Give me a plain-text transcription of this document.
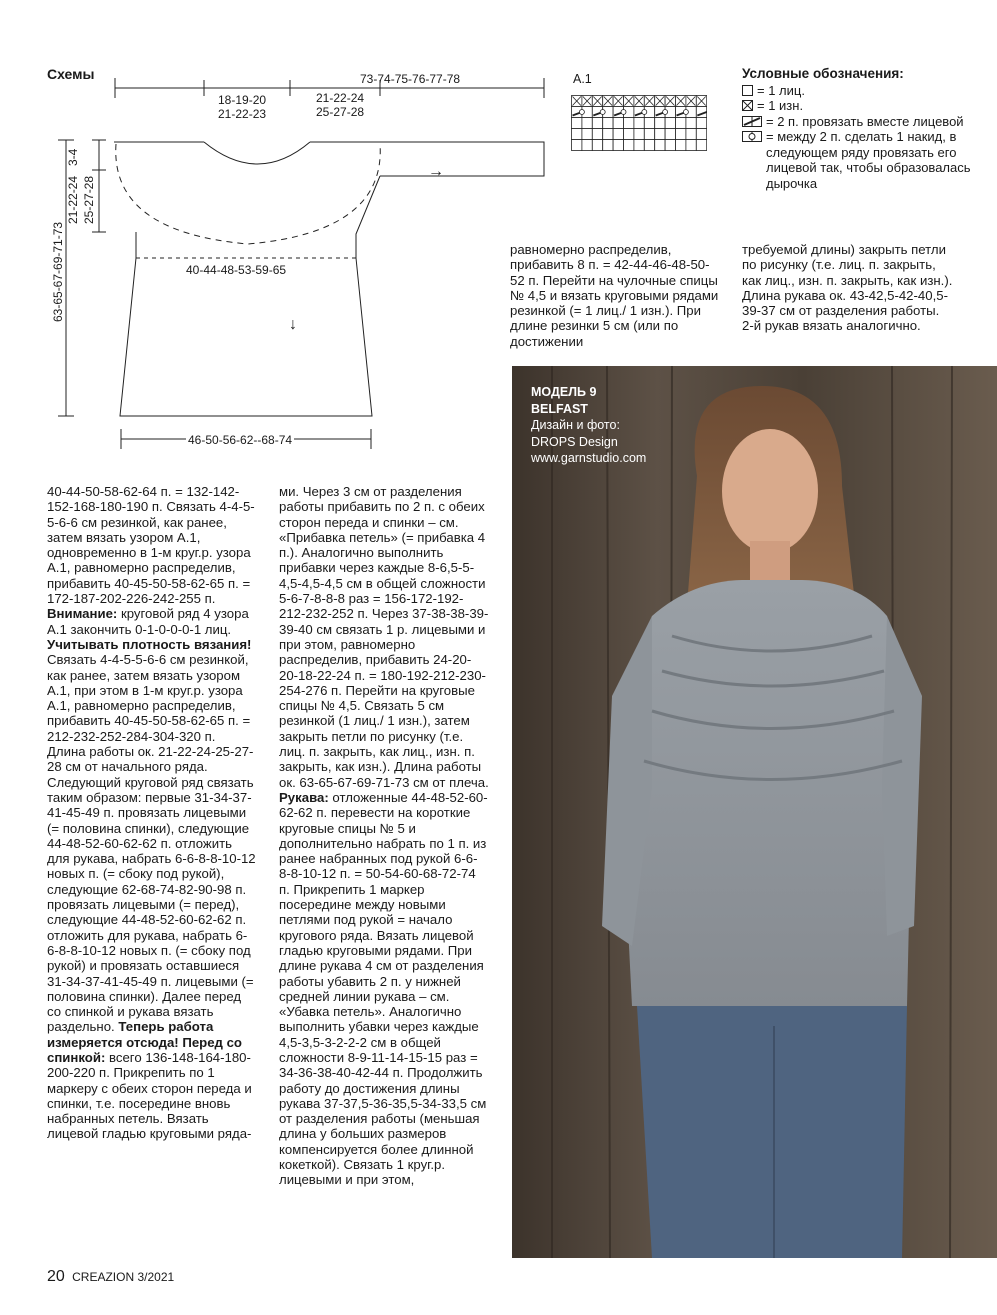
Схемы	73-74-75-76-77-78
18-19-20
21-22-23
21-22-24
25-27-28
40-44-48-53-59-65
46-50-56-62--68-74
→
↓
63-65-67-69-71-73
21-22-24 25-27-28
3-4
A.1	Условные обозначения:
= 1 лиц.
= 1 изн.
= 2 п. провязать вместе лицевой
= между 2 п. сделать 1 накид, в следующем ряду провязать его лицевой так, чтобы образовалась дырочка
равномерно распределив, прибавить 8 п. = 42-44-46-48-50-52 п. Перейти на чулочные спицы № 4,5 и вязать круговыми рядами резинкой (= 1 лиц./ 1 изн.). При длине резинки 5 см (или по достижении
требуемой длины) закрыть петли по рисунку (т.е. лиц. п. закрыть, как лиц., изн. п. закрыть, как изн.). Длина рукава ок. 43-42,5-42-40,5-39-37 см от разделения работы. 2-й рукав вязать аналогично.
МОДЕЛЬ 9
BELFAST
Дизайн и фото:
DROPS Design
www.garnstudio.com
40-44-50-58-62-64 п. = 132-142-152-168-180-190 п. Связать 4-4-5-5-6-6 см резинкой, как ранее, затем вязать узором A.1, одновременно в 1-м круг.р. узора A.1, равномерно распределив, прибавить 40-45-50-58-62-65 п. = 172-187-202-226-242-255 п. Внимание: круговой ряд 4 узора A.1 закончить 0-1-0-0-0-1 лиц. Учитывать плотность вязания! Связать 4-4-5-5-6-6 см резинкой, как ранее, затем вязать узором A.1, при этом в 1-м круг.р. узора A.1, равномерно распределив, прибавить 40-45-50-58-62-65 п. = 212-232-252-284-304-320 п. Длина работы ок. 21-22-24-25-27-28 см от начального ряда. Следующий круговой ряд связать таким образом: первые 31-34-37-41-45-49 п. провязать лицевыми (= половина спинки), следующие 44-48-52-60-62-62 п. отложить для рукава, набрать 6-6-8-8-10-12 новых п. (= сбоку под рукой), следующие 62-68-74-82-90-98 п. провязать лицевыми (= перед), следующие 44-48-52-60-62-62 п. отложить для рукава, набрать 6-6-8-8-10-12 новых п. (= сбоку под рукой) и провязать оставшиеся 31-34-37-41-45-49 п. лицевыми (= половина спинки). Далее перед со спинкой и рукава вязать раздельно. Теперь работа измеряется отсюда! Перед со спинкой: всего 136-148-164-180-200-220 п. Прикрепить по 1 маркеру с обеих сторон переда и спинки, т.е. посередине вновь набранных петель. Вязать лицевой гладью круговыми ряда-
ми. Через 3 см от разделения работы прибавить по 2 п. с обеих сторон переда и спинки – см. «Прибавка петель» (= прибавка 4 п.). Аналогично выполнить прибавки через каждые 8-6,5-5-4,5-4,5-4,5 см в общей сложности 5-6-7-8-8-8 раз = 156-172-192-212-232-252 п. Через 37-38-38-39-39-40 см связать 1 р. лицевыми и при этом, равномерно распределив, прибавить 24-20-20-18-22-24 п. = 180-192-212-230-254-276 п. Перейти на круговые спицы № 4,5. Связать 5 см резинкой (1 лиц./ 1 изн.), затем закрыть петли по рисунку (т.е. лиц. п. закрыть, как лиц., изн. п. закрыть, как изн.). Длина работы ок. 63-65-67-69-71-73 см от плеча. Рукава: отложенные 44-48-52-60-62-62 п. перевести на короткие круговые спицы № 5 и дополнительно набрать по 1 п. из ранее набранных под рукой 6-6-8-8-10-12 п. = 50-54-60-68-72-74 п. Прикрепить 1 маркер посередине между новыми петлями под рукой = начало кругового ряда. Вязать лицевой гладью круговыми рядами. При длине рукава 4 см от разделения работы убавить 2 п. у нижней средней линии рукава – см. «Убавка петель». Аналогично выполнить убавки через каждые 4,5-3,5-3-2-2-2 см в общей сложности 8-9-11-14-15-15 раз = 34-36-38-40-42-44 п. Продолжить работу до достижения длины рукава 37-37,5-36-35,5-34-33,5 см от разделения работы (меньшая длина у больших размеров компенсируется более длинной кокеткой). Связать 1 круг.р. лицевыми и при этом,
20 CREAZION 3/2021
